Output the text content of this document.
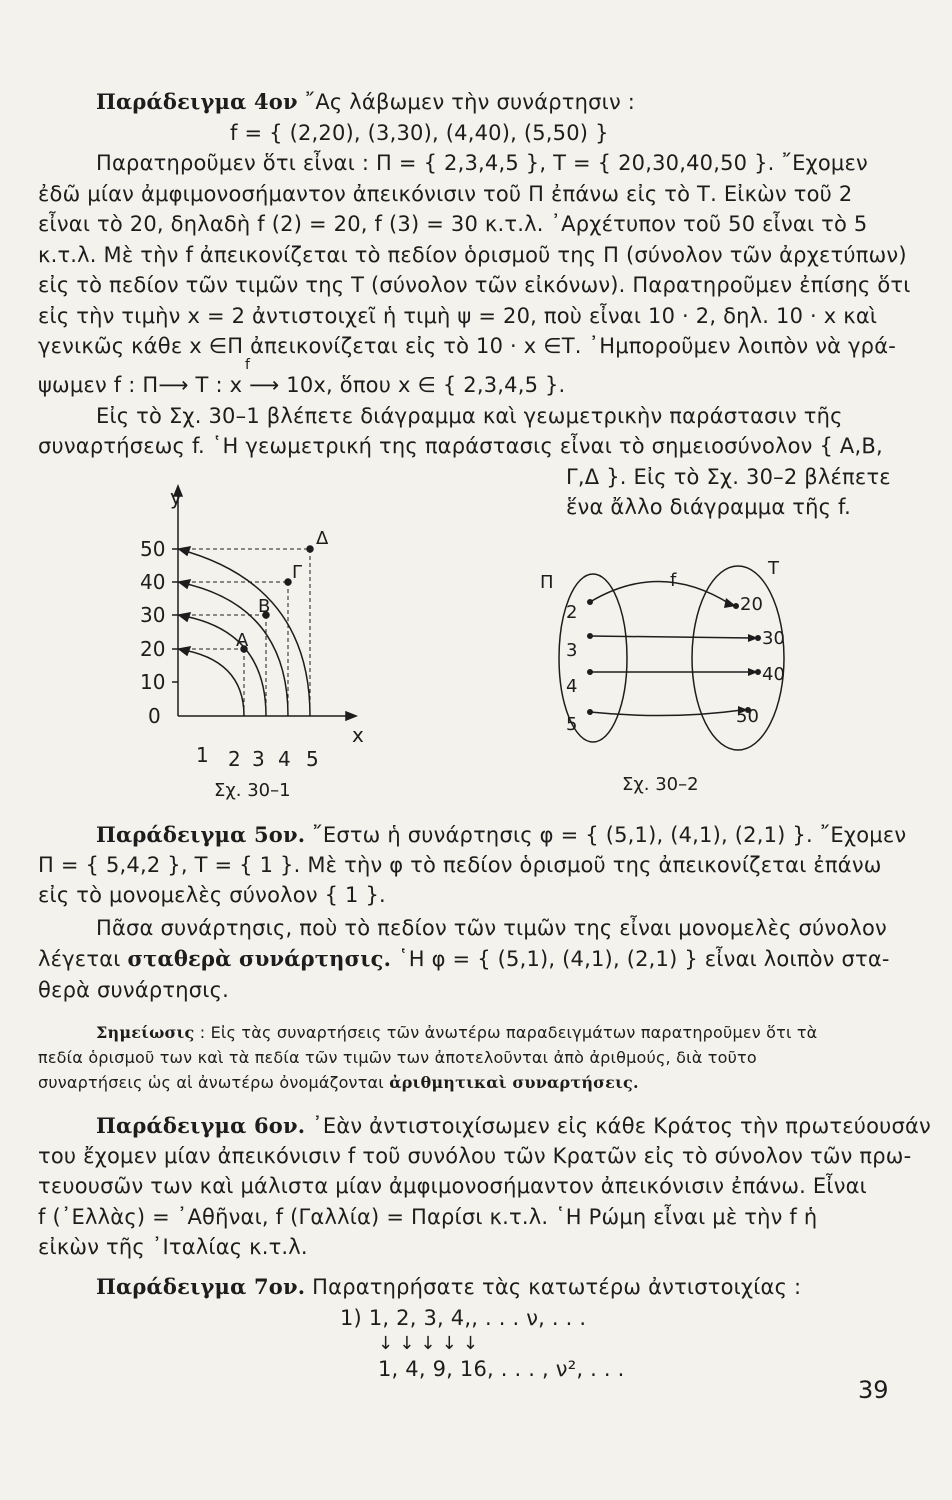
Παράδειγμα 4ον ῎Ας λάβωμεν τὴν συνάρτησιν :
f = { (2,20), (3,30), (4,40), (5,50) }
Παρατηροῦμεν ὅτι εἶναι : Π = { 2,3,4,5 }, Τ = { 20,30,40,50 }. ῎Εχομεν
ἐδῶ μίαν ἀμφιμονοσήμαντον ἀπεικόνισιν τοῦ Π ἐπάνω εἰς τὸ Τ. Εἰκὼν τοῦ 2
εἶναι τὸ 20, δηλαδὴ f (2) = 20, f (3) = 30 κ.τ.λ. ᾿Αρχέτυπον τοῦ 50 εἶναι τὸ 5
κ.τ.λ. Μὲ τὴν f ἀπεικονίζεται τὸ πεδίον ὁρισμοῦ της Π (σύνολον τῶν ἀρχετύπων)
εἰς τὸ πεδίον τῶν τιμῶν της Τ (σύνολον τῶν εἰκόνων). Παρατηροῦμεν ἐπίσης ὅτι
εἰς τὴν τιμὴν x = 2 ἀντιστοιχεῖ ἡ τιμὴ ψ = 20, ποὺ εἶναι 10 · 2, δηλ. 10 · x καὶ
γενικῶς κάθε x ∈Π ἀπεικονίζεται εἰς τὸ 10 · x ∈Τ. ᾿Ημποροῦμεν λοιπὸν νὰ γρά-
ψωμεν f : Π⟶ Τ : x ⟶ 10x, ὅπου x ∈ { 2,3,4,5 }.
f
Εἰς τὸ Σχ. 30–1 βλέπετε διάγραμμα καὶ γεωμετρικὴν παράστασιν τῆς
συναρτήσεως f. ῾Η γεωμετρική της παράστασις εἶναι τὸ σημειοσύνολον { Α,Β,
Γ,Δ }. Εἰς τὸ Σχ. 30–2 βλέπετε
ἕνα ἄλλο διάγραμμα τῆς f.
y
x
50
40
30
20
10
0
1 2 3 4 5
Α
Β
Γ
Δ
Σχ. 30–1
Π
Τ
f
2
3
4
5
20
30
40
50
Σχ. 30–2
Παράδειγμα 5ον. ῎Εστω ἡ συνάρτησις φ = { (5,1), (4,1), (2,1) }. ῎Εχομεν
Π = { 5,4,2 }, Τ = { 1 }. Μὲ τὴν φ τὸ πεδίον ὁρισμοῦ της ἀπεικονίζεται ἐπάνω
εἰς τὸ μονομελὲς σύνολον { 1 }.
Πᾶσα συνάρτησις, ποὺ τὸ πεδίον τῶν τιμῶν της εἶναι μονομελὲς σύνολον
λέγεται σταθερὰ συνάρτησις. ῾Η φ = { (5,1), (4,1), (2,1) } εἶναι λοιπὸν στα-
θερὰ συνάρτησις.
Σημείωσις : Εἰς τὰς συναρτήσεις τῶν ἀνωτέρω παραδειγμάτων παρατηροῦμεν ὅτι τὰ
πεδία ὁρισμοῦ των καὶ τὰ πεδία τῶν τιμῶν των ἀποτελοῦνται ἀπὸ ἀριθμούς, διὰ τοῦτο
συναρτήσεις ὡς αἱ ἀνωτέρω ὀνομάζονται ἀριθμητικαὶ συναρτήσεις.
Παράδειγμα 6ον. ᾿Εὰν ἀντιστοιχίσωμεν εἰς κάθε Κράτος τὴν πρωτεύουσάν
του ἔχομεν μίαν ἀπεικόνισιν f τοῦ συνόλου τῶν Κρατῶν εἰς τὸ σύνολον τῶν πρω-
τευουσῶν των καὶ μάλιστα μίαν ἀμφιμονοσήμαντον ἀπεικόνισιν ἐπάνω. Εἶναι
f (᾿Ελλὰς) = ᾿Αθῆναι, f (Γαλλία) = Παρίσι κ.τ.λ. ῾Η Ρώμη εἶναι μὲ τὴν f ἡ
εἰκὼν τῆς ᾿Ιταλίας κ.τ.λ.
Παράδειγμα 7ον. Παρατηρήσατε τὰς κατωτέρω ἀντιστοιχίας :
1) 1, 2, 3, 4,, . . . ν, . . .
↓ ↓ ↓ ↓ ↓
1, 4, 9, 16, . . . , ν², . . .
39
